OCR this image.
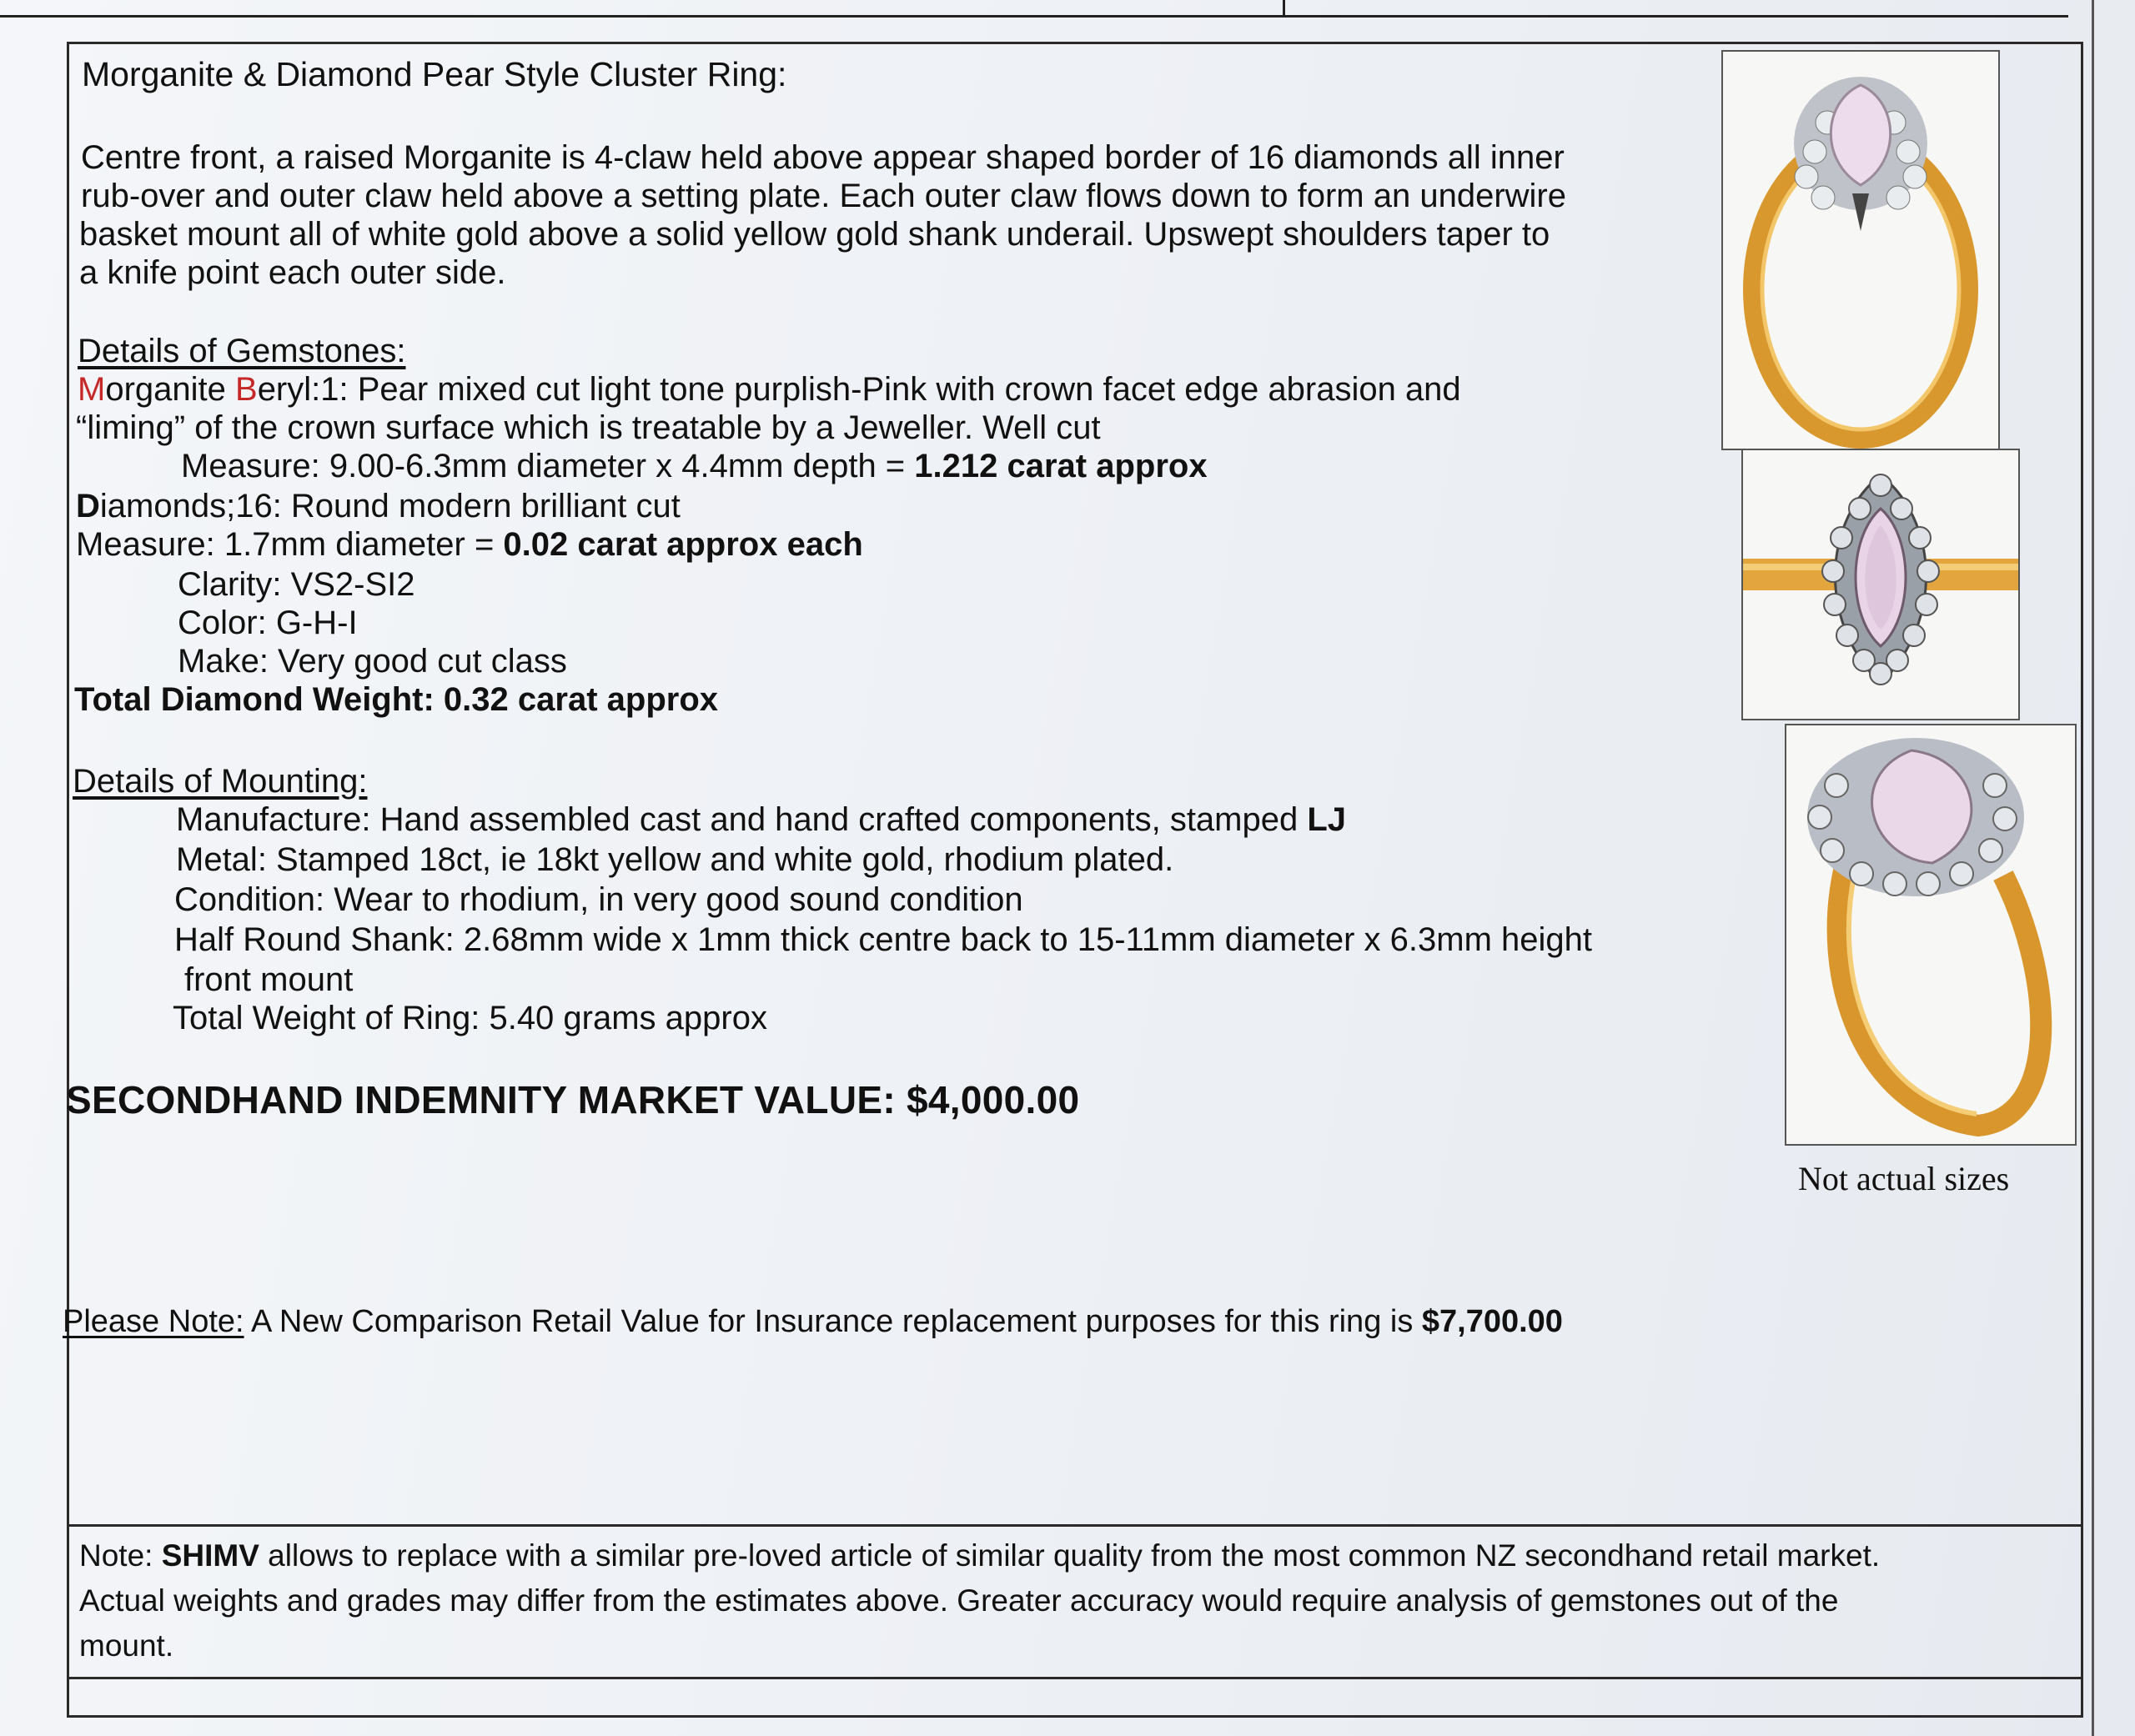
Morganite & Diamond Pear Style Cluster Ring:
Centre front, a raised Morganite is 4-claw held above appear shaped border of 16 diamonds all inner
rub-over and outer claw held above a setting plate. Each outer claw flows down to form an underwire
basket mount all of white gold above a solid yellow gold shank underail. Upswept shoulders taper to
a knife point each outer side.
Details of Gemstones:
Morganite Beryl:1: Pear mixed cut light tone purplish-Pink with crown facet edge abrasion and
“liming” of the crown surface which is treatable by a Jeweller. Well cut
Measure: 9.00-6.3mm diameter x 4.4mm depth = 1.212 carat approx
Diamonds;16: Round modern brilliant cut
Measure: 1.7mm diameter = 0.02 carat approx each
Clarity: VS2-SI2
Color: G-H-I
Make: Very good cut class
Total Diamond Weight: 0.32 carat approx
Details of Mounting:
Manufacture: Hand assembled cast and hand crafted components, stamped LJ
Metal: Stamped 18ct, ie 18kt yellow and white gold, rhodium plated.
Condition: Wear to rhodium, in very good sound condition
Half Round Shank: 2.68mm wide x 1mm thick centre back to 15-11mm diameter x 6.3mm height
front mount
Total Weight of Ring: 5.40 grams approx
SECONDHAND INDEMNITY MARKET VALUE: $4,000.00
Please Note: A New Comparison Retail Value for Insurance replacement purposes for this ring is $7,700.00
Not actual sizes
Note: SHIMV allows to replace with a similar pre-loved article of similar quality from the most common NZ secondhand retail market.
Actual weights and grades may differ from the estimates above. Greater accuracy would require analysis of gemstones out of the
mount.
